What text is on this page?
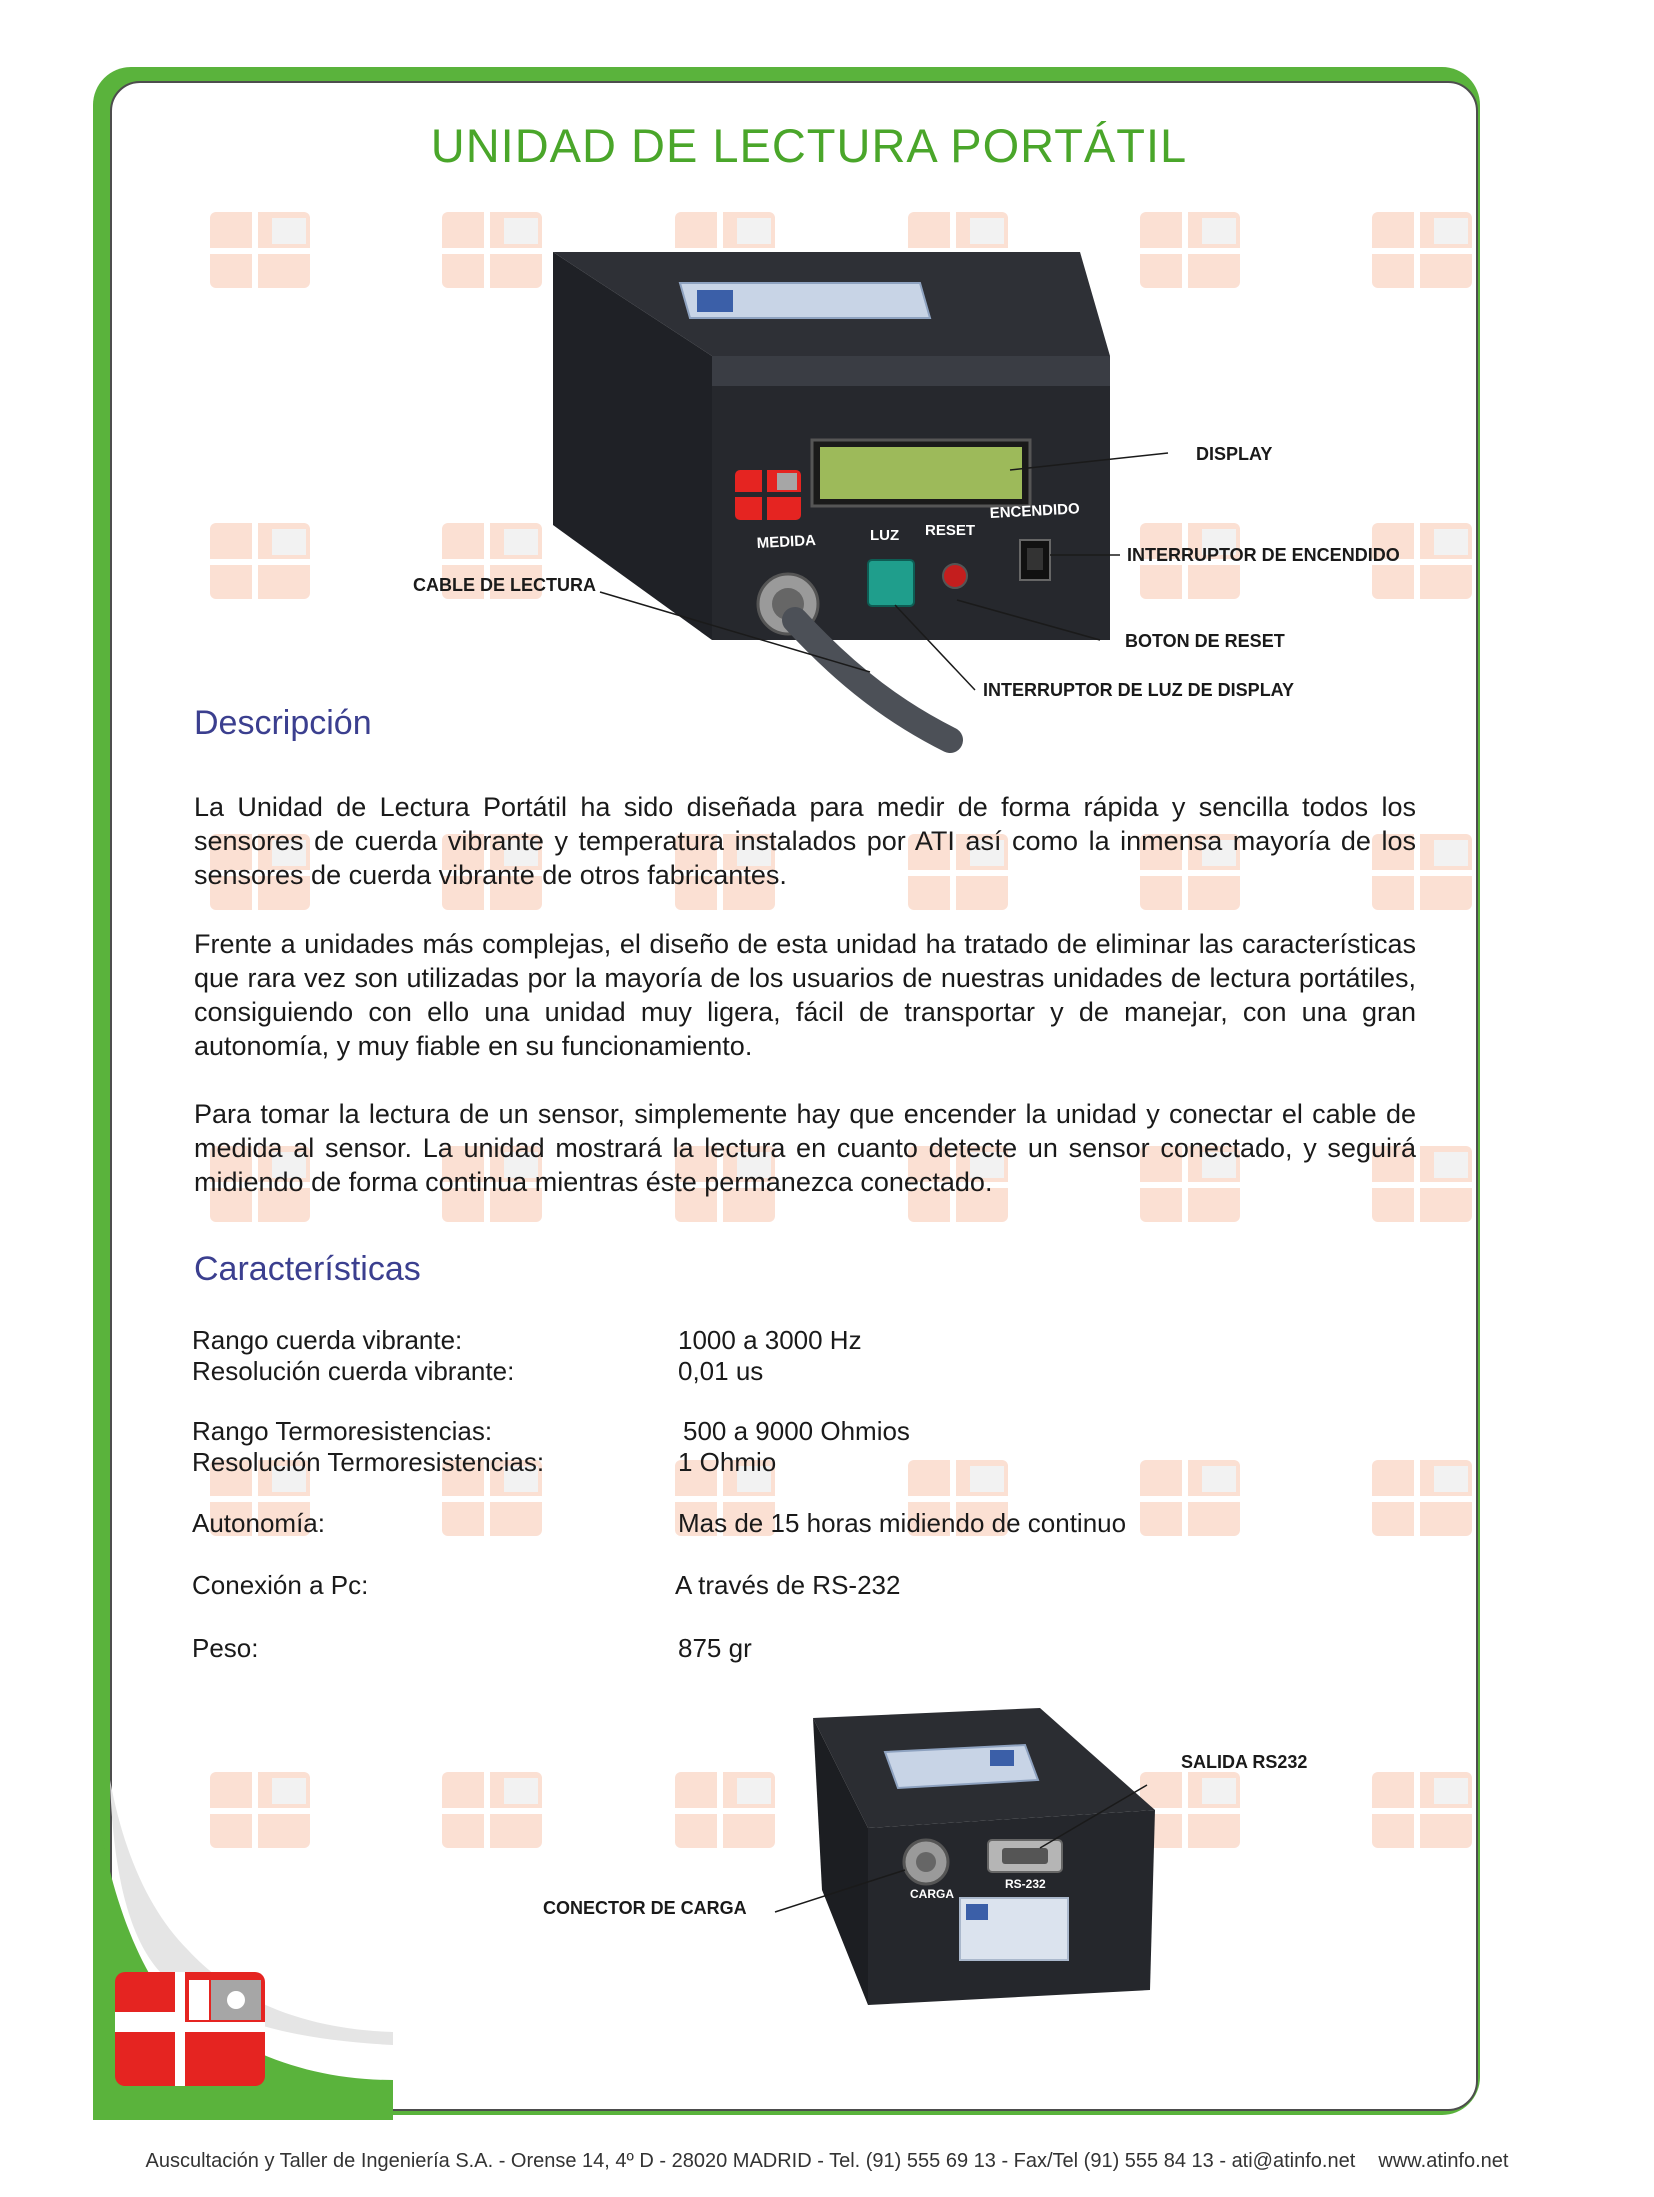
UNIDAD DE LECTURA PORTÁTIL
MEDIDA	LUZ RESET
ENCENDIDO
DISPLAY
INTERRUPTOR DE ENCENDIDO
CABLE DE LECTURA
BOTON DE RESET
INTERRUPTOR DE LUZ DE DISPLAY
Descripción
La Unidad de Lectura Portátil ha sido diseñada para medir de forma rápida y sencilla todos los sensores de cuerda vibrante y temperatura instalados por ATI así como la inmensa mayoría de los sensores de cuerda vibrante de otros fabricantes.
Frente a unidades más complejas, el diseño de esta unidad ha tratado de eliminar las características que rara vez son utilizadas por la mayoría de los usuarios de nuestras unidades de lectura portátiles, consiguiendo con ello una unidad muy ligera, fácil de transportar y de manejar, con una gran autonomía, y muy fiable en su funcionamiento.
Para tomar la lectura de un sensor, simplemente hay que encender la unidad y conectar el cable de medida al sensor. La unidad mostrará la lectura en cuanto detecte un sensor conectado, y seguirá midiendo de forma continua mientras éste permanezca conectado.
Características
Rango cuerda vibrante:	1000 a 3000 Hz
Resolución cuerda vibrante:	0,01 us
Rango Termoresistencias:	500 a 9000 Ohmios
Resolución Termoresistencias:	1 Ohmio
Autonomía:	Mas de 15 horas midiendo de continuo
Conexión a Pc:	A través de RS-232
Peso:	875 gr
CARGA
RS-232
SALIDA RS232
CONECTOR DE CARGA
Auscultación y Taller de Ingeniería S.A. - Orense 14, 4º D - 28020 MADRID - Tel. (91) 555 69 13 - Fax/Tel (91) 555 84 13 - ati@atinfo.net www.atinfo.net
